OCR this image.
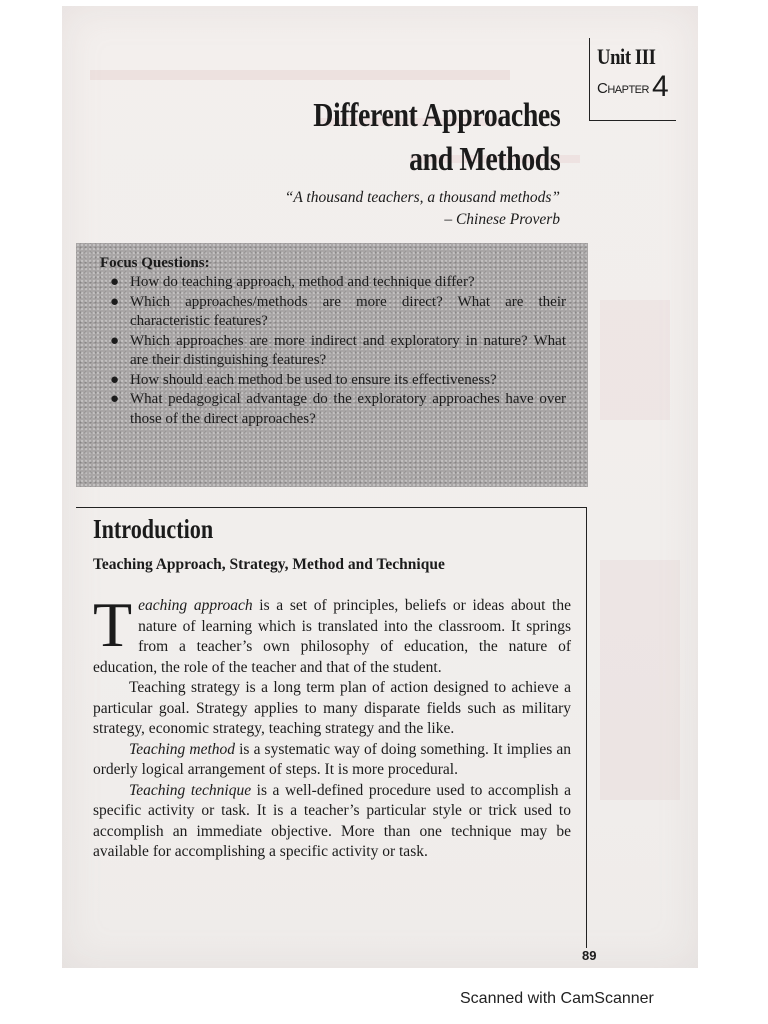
Unit III
Chapter 4
Different Approaches
and Methods
“A thousand teachers, a thousand methods”
– Chinese Proverb
Focus Questions:
● How do teaching approach, method and technique differ?
● Which approaches/methods are more direct? What are their characteristic features?
● Which approaches are more indirect and exploratory in nature? What are their distinguishing features?
● How should each method be used to ensure its effectiveness?
● What pedagogical advantage do the exploratory approaches have over those of the direct approaches?
Introduction
Teaching Approach, Strategy, Method and Technique

Teaching approach is a set of principles, beliefs or ideas about the nature of learning which is translated into the classroom. It springs from a teacher’s own philosophy of education, the nature of education, the role of the teacher and that of the student.

Teaching strategy is a long term plan of action designed to achieve a particular goal. Strategy applies to many disparate fields such as military strategy, economic strategy, teaching strategy and the like.

Teaching method is a systematic way of doing something. It implies an orderly logical arrangement of steps. It is more procedural.

Teaching technique is a well-defined procedure used to accomplish a specific activity or task. It is a teacher’s particular style or trick used to accomplish an immediate objective. More than one technique may be available for accomplishing a specific activity or task.

89
Scanned with CamScanner
